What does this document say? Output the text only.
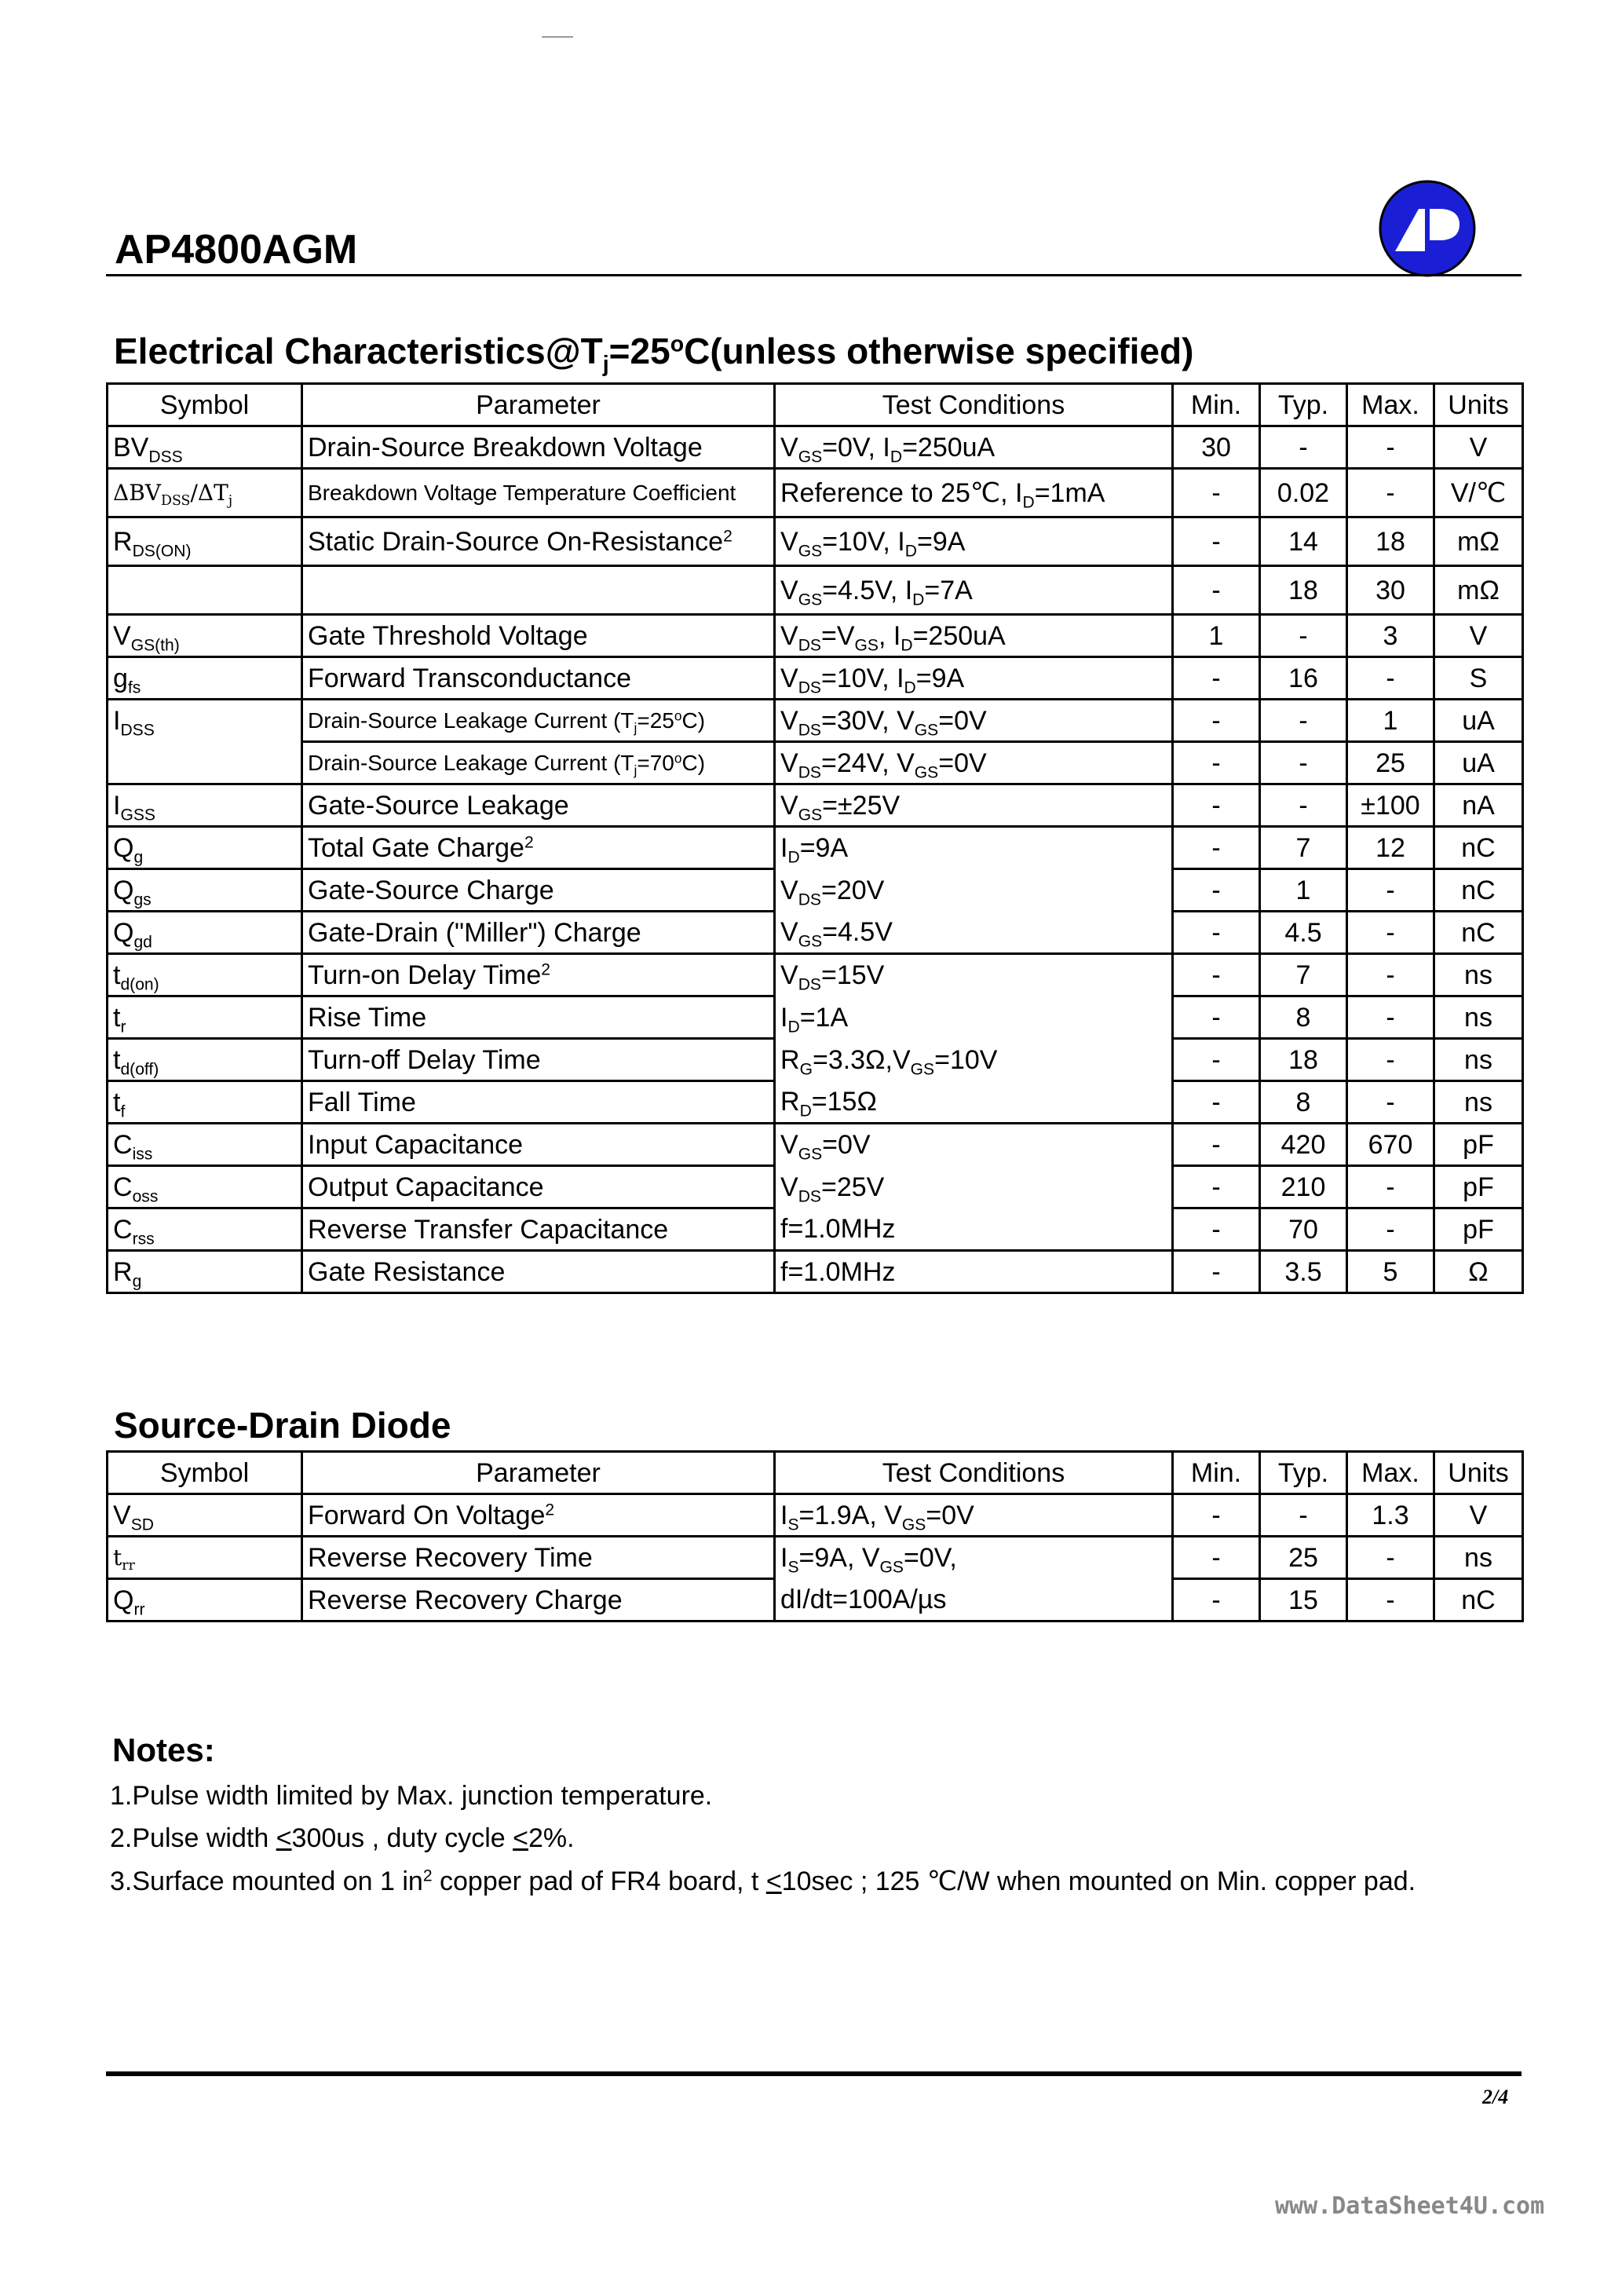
AP4800AGM
Electrical $Characteristics@T_j=25^oC(unless$ otherwise specified)
Symbol	Parameter	Test Conditions	Min.	Typ.	Max.	Units
$BV_{DSS}$	Drain-Source Breakdown Voltage	$V_{GS}=0V$, $I_D=250uA$	30	-	-	V
$\Delta BV_{DSS}/\Delta T_j$	Breakdown Voltage Temperature Coefficient	Reference to 25℃, $I_D=1mA$	-	0.02	-	V/℃
$R_{DS(ON)}$	Static Drain-Source On-Resistance$^2$	$V_{GS}=10V$, $I_D=9A$	-	14	18	mΩ
		$V_{GS}=4.5V$, $I_D=7A$	-	18	30	mΩ
$V_{GS(th)}$	Gate Threshold Voltage	$V_{DS}=V_{GS}$, $I_D=250uA$	1	-	3	V
$g_{fs}$	Forward Transconductance	$V_{DS}=10V$, $I_D=9A$	-	16	-	S
$I_{DSS}$	Drain-Source Leakage Current $(T_j=25^oC)$	$V_{DS}=30V$, $V_{GS}=0V$	-	-	1	uA
	Drain-Source Leakage Current $(T_j=70^oC)$	$V_{DS}=24V$, $V_{GS}=0V$	-	-	25	uA
$I_{GSS}$	Gate-Source Leakage	$V_{GS}=\pm 25V$	-	-	±100	nA
$Q_g$	Total Gate Charge$^2$	$I_D=9A$	-	7	12	nC
$Q_{gs}$	Gate-Source Charge	$V_{DS}=20V$	-	1	-	nC
$Q_{gd}$	Gate-Drain ("Miller") Charge	$V_{GS}=4.5V$	-	4.5	-	nC
$t_{d(on)}$	Turn-on Delay Time$^2$	$V_{DS}=15V$	-	7	-	ns
$t_r$	Rise Time	$I_D=1A$	-	8	-	ns
$t_{d(off)}$	Turn-off Delay Time	$R_G=3.3\Omega,V_{GS}=10V$	-	18	-	ns
$t_f$	Fall Time	$R_D=15\Omega$	-	8	-	ns
$C_{iss}$	Input Capacitance	$V_{GS}=0V$	-	420	670	pF
$C_{oss}$	Output Capacitance	$V_{DS}=25V$	-	210	-	pF
$C_{rss}$	Reverse Transfer Capacitance	f=1.0MHz	-	70	-	pF
$R_g$	Gate Resistance	f=1.0MHz	-	3.5	5	Ω
Source-Drain Diode
Symbol	Parameter	Test Conditions	Min.	Typ.	Max.	Units
$V_{SD}$	Forward On Voltage$^2$	$I_S=1.9A$, $V_{GS}=0V$	-	-	1.3	V
$t_{rr}$	Reverse Recovery Time	$I_S=9A$, $V_{GS}=0V$,	-	25	-	ns
$Q_{rr}$	Reverse Recovery Charge	dI/dt=100A/µs	-	15	-	nC
Notes:
1.Pulse width limited by Max. junction temperature.
2.Pulse width <300us , duty cycle <2%.
3.Surface mounted on 1 $in^2$ copper pad of FR4 board, t <10sec ; 125 ℃/W when mounted on Min. copper pad.
2/4
www.DataSheet4U.com
